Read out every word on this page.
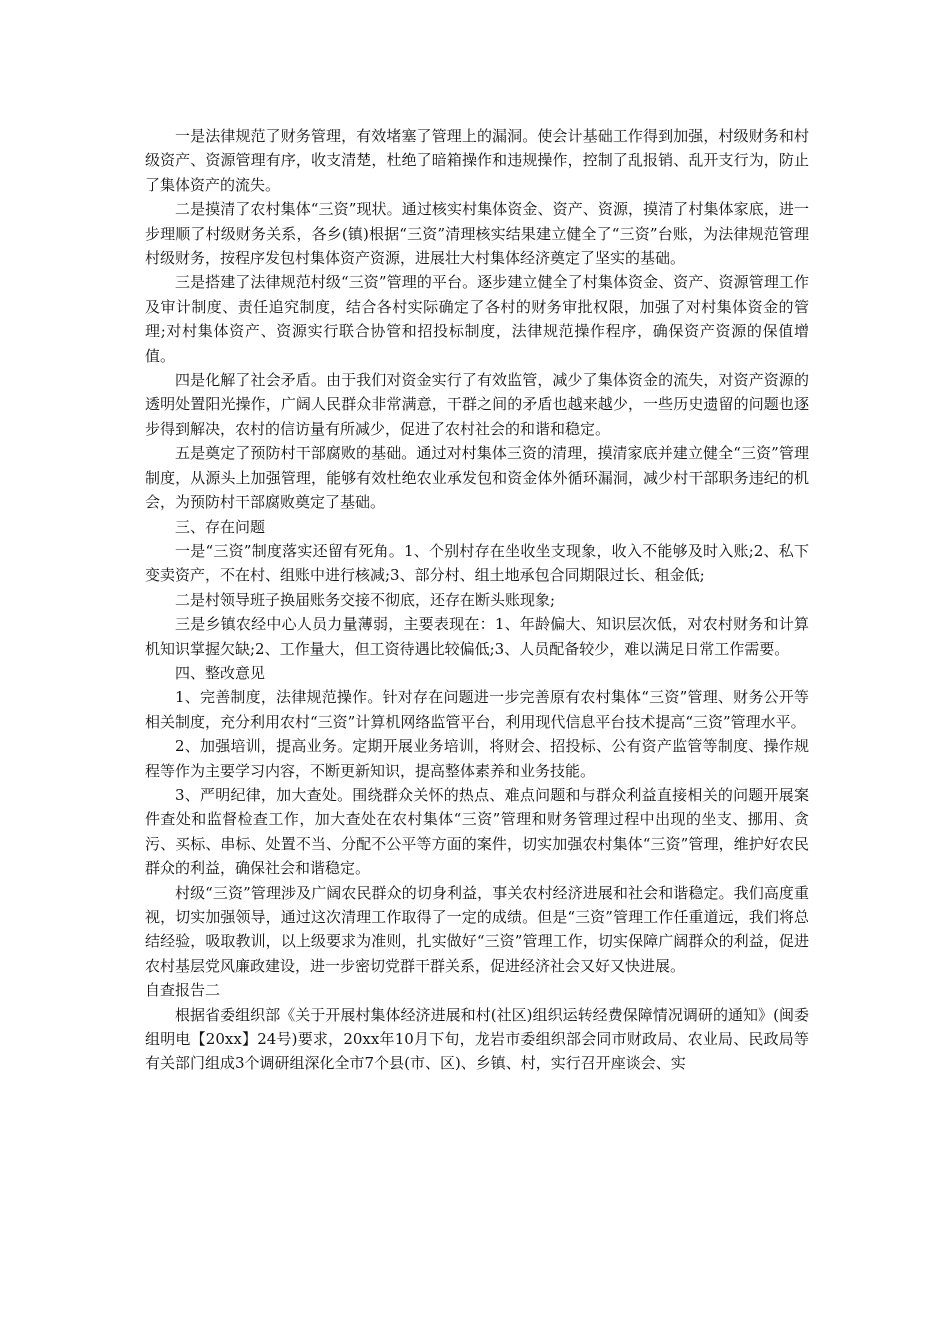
一是法律规范了财务管理，有效堵塞了管理上的漏洞。使会计基础工作得到加强，村级财务和村级资产、资源管理有序，收支清楚，杜绝了暗箱操作和违规操作，控制了乱报销、乱开支行为，防止了集体资产的流失。

二是摸清了农村集体“三资”现状。通过核实村集体资金、资产、资源，摸清了村集体家底，进一步理顺了村级财务关系，各乡(镇)根据“三资”清理核实结果建立健全了“三资”台账，为法律规范管理村级财务，按程序发包村集体资产资源，进展壮大村集体经济奠定了坚实的基础。

三是搭建了法律规范村级“三资”管理的平台。逐步建立健全了村集体资金、资产、资源管理工作及审计制度、责任追究制度，结合各村实际确定了各村的财务审批权限，加强了对村集体资金的管理;对村集体资产、资源实行联合协管和招投标制度，法律规范操作程序，确保资产资源的保值增值。

四是化解了社会矛盾。由于我们对资金实行了有效监管，减少了集体资金的流失，对资产资源的透明处置阳光操作，广阔人民群众非常满意，干群之间的矛盾也越来越少，一些历史遗留的问题也逐步得到解决，农村的信访量有所减少，促进了农村社会的和谐和稳定。

五是奠定了预防村干部腐败的基础。通过对村集体三资的清理，摸清家底并建立健全“三资”管理制度，从源头上加强管理，能够有效杜绝农业承发包和资金体外循环漏洞，减少村干部职务违纪的机会，为预防村干部腐败奠定了基础。

三、存在问题

一是“三资”制度落实还留有死角。1、个别村存在坐收坐支现象，收入不能够及时入账;2、私下变卖资产，不在村、组账中进行核减;3、部分村、组土地承包合同期限过长、租金低;

二是村领导班子换届账务交接不彻底，还存在断头账现象;

三是乡镇农经中心人员力量薄弱，主要表现在：1、年龄偏大、知识层次低，对农村财务和计算机知识掌握欠缺;2、工作量大，但工资待遇比较偏低;3、人员配备较少，难以满足日常工作需要。

四、整改意见

1、完善制度，法律规范操作。针对存在问题进一步完善原有农村集体“三资”管理、财务公开等相关制度，充分利用农村“三资”计算机网络监管平台，利用现代信息平台技术提高“三资”管理水平。

2、加强培训，提高业务。定期开展业务培训，将财会、招投标、公有资产监管等制度、操作规程等作为主要学习内容，不断更新知识，提高整体素养和业务技能。

3、严明纪律，加大查处。围绕群众关怀的热点、难点问题和与群众利益直接相关的问题开展案件查处和监督检查工作，加大查处在农村集体“三资”管理和财务管理过程中出现的坐支、挪用、贪污、买标、串标、处置不当、分配不公平等方面的案件，切实加强农村集体“三资”管理，维护好农民群众的利益，确保社会和谐稳定。

村级“三资”管理涉及广阔农民群众的切身利益，事关农村经济进展和社会和谐稳定。我们高度重视，切实加强领导，通过这次清理工作取得了一定的成绩。但是“三资”管理工作任重道远，我们将总结经验，吸取教训，以上级要求为准则，扎实做好“三资”管理工作，切实保障广阔群众的利益，促进农村基层党风廉政建设，进一步密切党群干群关系，促进经济社会又好又快进展。

自查报告二

根据省委组织部《关于开展村集体经济进展和村(社区)组织运转经费保障情况调研的通知》(闽委组明电【20xx】24号)要求，20xx年10月下旬，龙岩市委组织部会同市财政局、农业局、民政局等有关部门组成3个调研组深化全市7个县(市、区)、乡镇、村，实行召开座谈会、实
